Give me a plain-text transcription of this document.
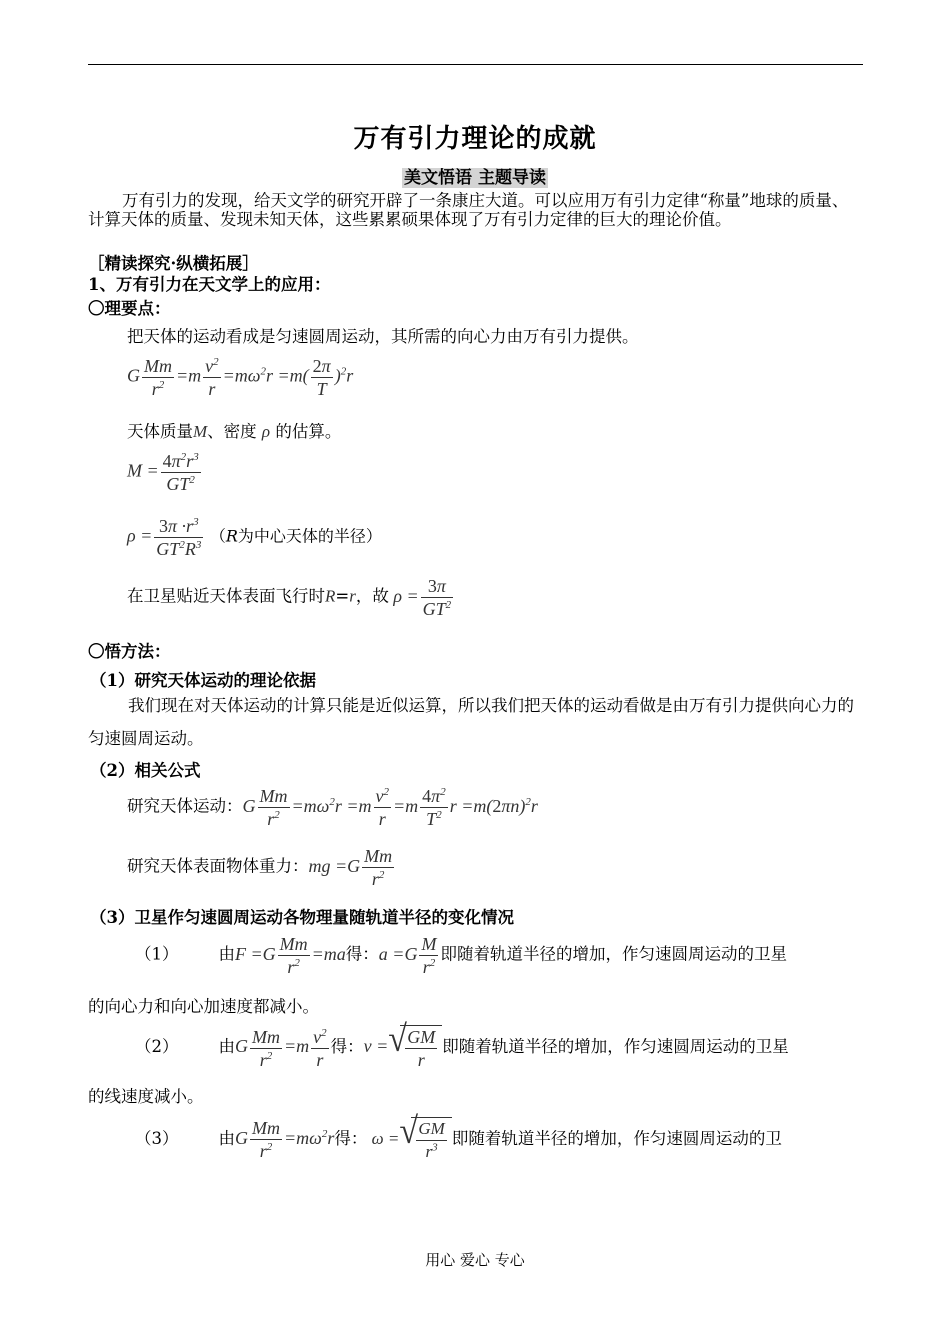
万有引力理论的成就
美文悟语 主题导读

万有引力的发现，给天文学的研究开辟了一条康庄大道。可以应用万有引力定律“称量”地球的质量、计算天体的质量、发现未知天体，这些累累硕果体现了万有引力定律的巨大的理论价值。

［精读探究·纵横拓展］
1、万有引力在天文学上的应用：
〇理要点：
把天体的运动看成是匀速圆周运动，其所需的向心力由万有引力提供。
G $\frac{Mm}{r^2} =m \frac{v^2}{r} =m\omega^2r =m( \frac{2\pi}{T} )^2r$
天体质量M、密度 ρ 的估算。
$M = \frac{4\pi^2r^3}{GT^2}$
$\rho = \frac{3\pi \cdot r^3}{GT^2R^3} (R$为中心天体的半径）
在卫星贴近天体表面飞行时R=r，故 $\rho = \frac{3\pi}{GT^2}$
〇悟方法：
（1）研究天体运动的理论依据

我们现在对天体运动的计算只能是近似运算，所以我们把天体的运动看做是由万有引力提供向心力的匀速圆周运动。

（2）相关公式
研究天体运动：G $\frac{Mm}{r^2} =m\omega^2r =m \frac{v^2}{r} =m \frac{4\pi^2}{T^2}$ $r =m(2\pi n)^2r$
研究天体表面物体重力：mg $=G \frac{Mm}{r^2}$
（3）卫星作匀速圆周运动各物理量随轨道半径的变化情况
（1） 由$F =G \frac{Mm}{r^2} =ma$得：$a =G \frac{M}{r^2}$ 即随着轨道半径的增加，作匀速圆周运动的卫星
的向心力和向心加速度都减小。
（2） 由G $\frac{Mm}{r^2} =m \frac{v^2}{r}$ 得：v = √
$\frac{GM}{r}$ 即随着轨道半径的增加，作匀速圆周运动的卫星
的线速度减小。
（3） 由G $\frac{Mm}{r^2} =m\omega^2r$得： ω = √
$\frac{GM}{r^3}$ 即随着轨道半径的增加，作匀速圆周运动的卫
用心 爱心 专心
